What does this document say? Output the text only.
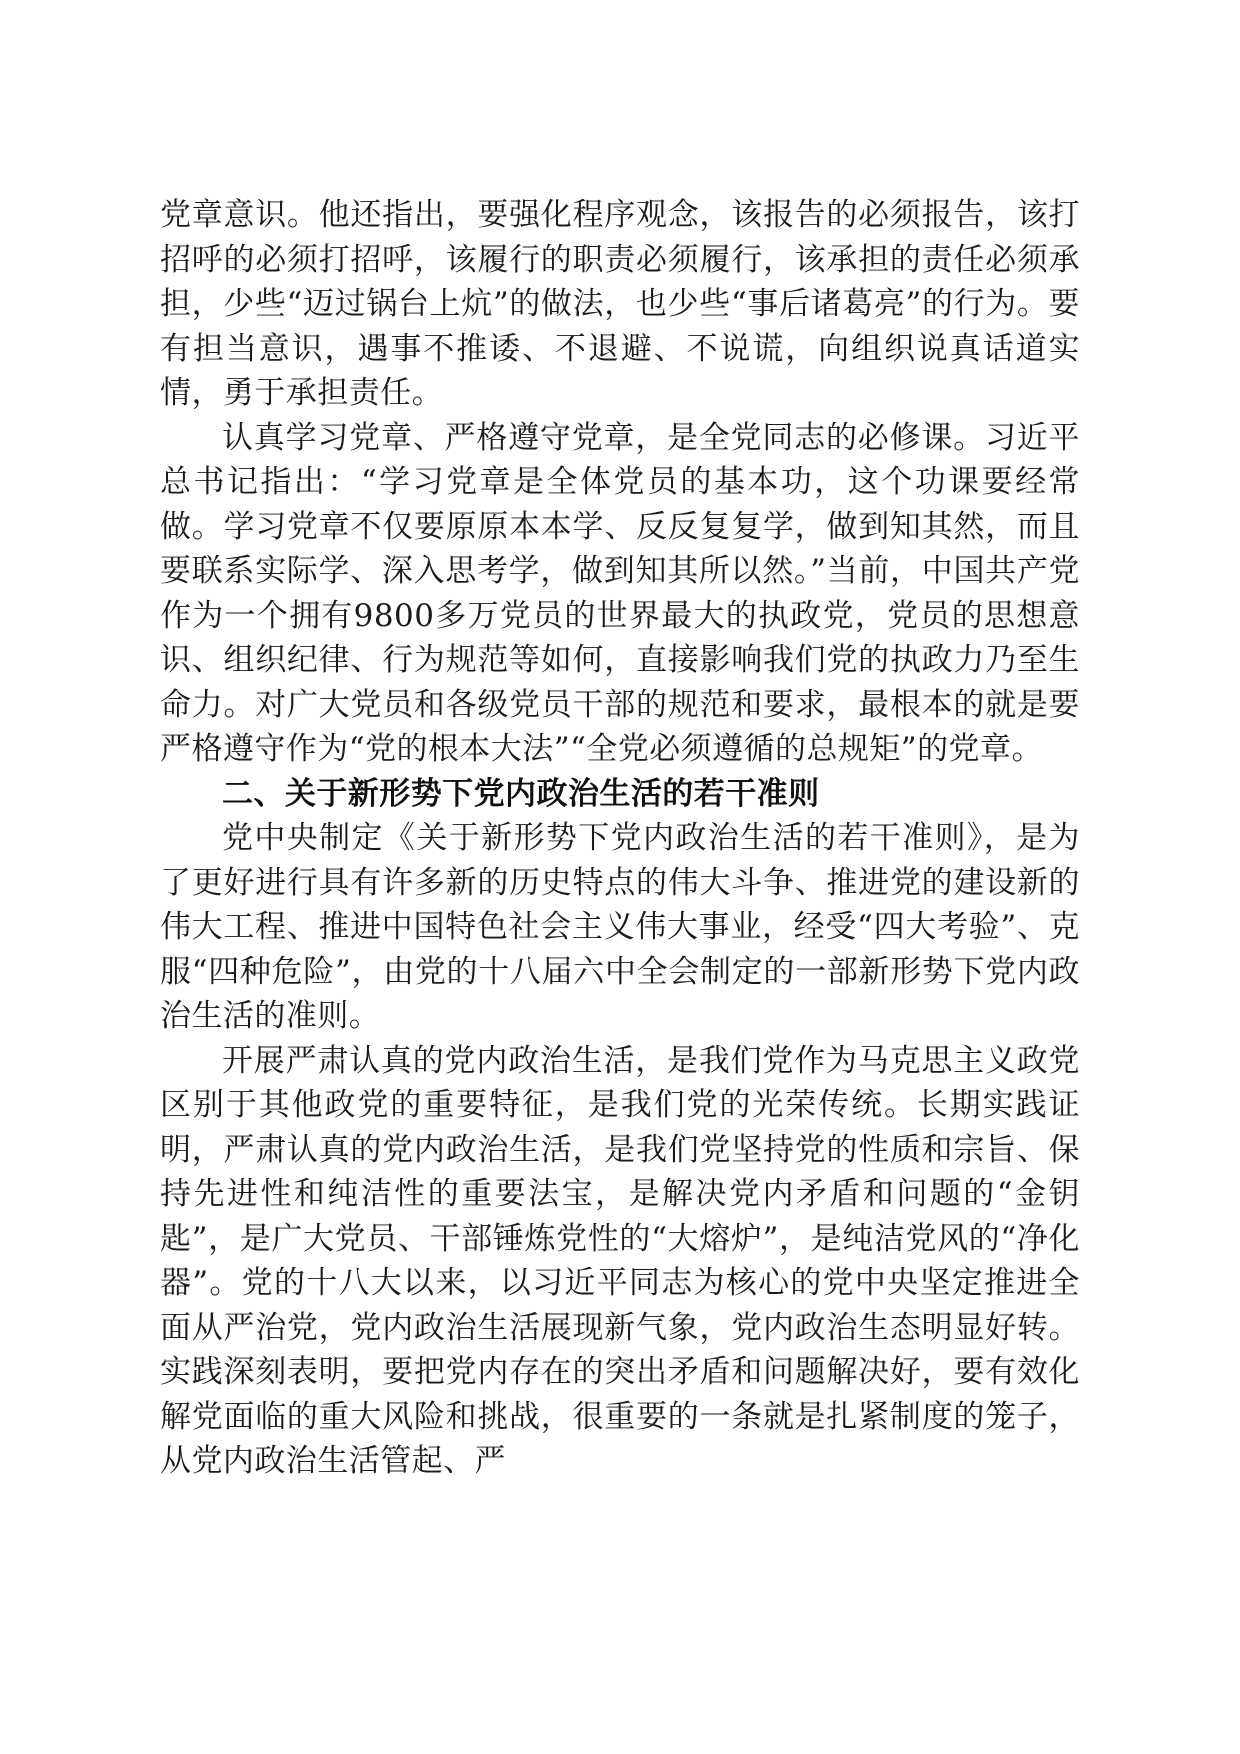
党章意识。他还指出，要强化程序观念，该报告的必须报告，该打招呼的必须打招呼，该履行的职责必须履行，该承担的责任必须承担，少些“迈过锅台上炕”的做法，也少些“事后诸葛亮”的行为。要有担当意识，遇事不推诿、不退避、不说谎，向组织说真话道实情，勇于承担责任。

认真学习党章、严格遵守党章，是全党同志的必修课。习近平总书记指出：“学习党章是全体党员的基本功，这个功课要经常做。学习党章不仅要原原本本学、反反复复学，做到知其然，而且要联系实际学、深入思考学，做到知其所以然。”当前，中国共产党作为一个拥有9800多万党员的世界最大的执政党，党员的思想意识、组织纪律、行为规范等如何，直接影响我们党的执政力乃至生命力。对广大党员和各级党员干部的规范和要求，最根本的就是要严格遵守作为“党的根本大法”“全党必须遵循的总规矩”的党章。

二、关于新形势下党内政治生活的若干准则

党中央制定《关于新形势下党内政治生活的若干准则》，是为了更好进行具有许多新的历史特点的伟大斗争、推进党的建设新的伟大工程、推进中国特色社会主义伟大事业，经受“四大考验”、克服“四种危险”，由党的十八届六中全会制定的一部新形势下党内政治生活的准则。

开展严肃认真的党内政治生活，是我们党作为马克思主义政党区别于其他政党的重要特征，是我们党的光荣传统。长期实践证明，严肃认真的党内政治生活，是我们党坚持党的性质和宗旨、保持先进性和纯洁性的重要法宝，是解决党内矛盾和问题的“金钥匙”，是广大党员、干部锤炼党性的“大熔炉”，是纯洁党风的“净化器”。党的十八大以来，以习近平同志为核心的党中央坚定推进全面从严治党，党内政治生活展现新气象，党内政治生态明显好转。实践深刻表明，要把党内存在的突出矛盾和问题解决好，要有效化解党面临的重大风险和挑战，很重要的一条就是扎紧制度的笼子，从党内政治生活管起、严
